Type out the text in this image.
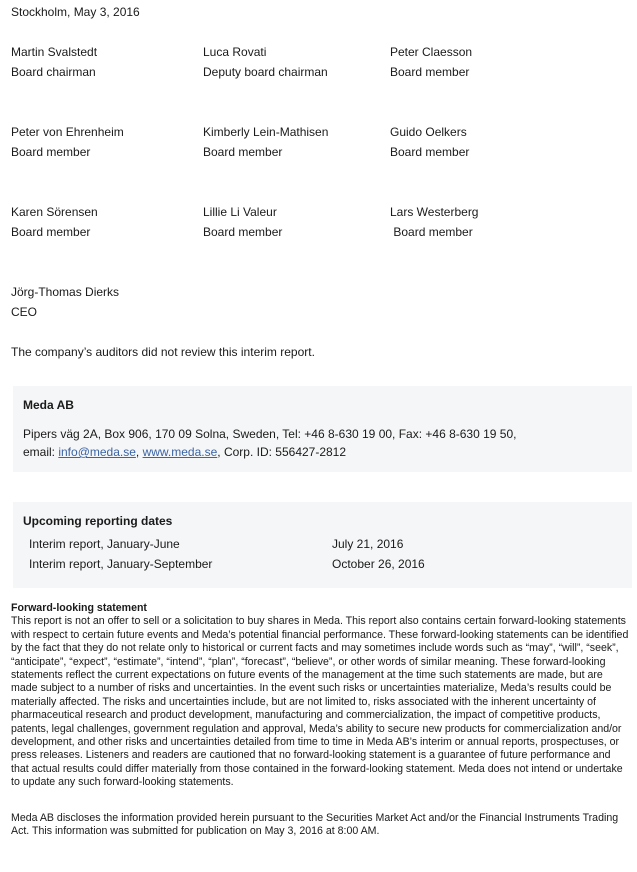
Stockholm, May 3, 2016
Martin Svalstedt
Board chairman
Luca Rovati
Deputy board chairman
Peter Claesson
Board member
Peter von Ehrenheim
Board member
Kimberly Lein-Mathisen
Board member
Guido Oelkers
Board member
Karen Sörensen
Board member
Lillie Li Valeur
Board member
Lars Westerberg
Board member
Jörg-Thomas Dierks
CEO
The company’s auditors did not review this interim report.
Meda AB
Pipers väg 2A, Box 906, 170 09 Solna, Sweden, Tel: +46 8-630 19 00, Fax: +46 8-630 19 50,
email: info@meda.se, www.meda.se, Corp. ID: 556427-2812
Upcoming reporting dates
Interim report, January-June	July 21, 2016
Interim report, January-September	October 26, 2016
Forward-looking statement
This report is not an offer to sell or a solicitation to buy shares in Meda. This report also contains certain forward-looking statements with respect to certain future events and Meda’s potential financial performance. These forward-looking statements can be identified by the fact that they do not relate only to historical or current facts and may sometimes include words such as “may”, “will”, “seek”, “anticipate”, “expect”, “estimate”, “intend”, “plan”, “forecast”, “believe”, or other words of similar meaning. These forward-looking statements reflect the current expectations on future events of the management at the time such statements are made, but are made subject to a number of risks and uncertainties. In the event such risks or uncertainties materialize, Meda’s results could be materially affected. The risks and uncertainties include, but are not limited to, risks associated with the inherent uncertainty of pharmaceutical research and product development, manufacturing and commercialization, the impact of competitive products, patents, legal challenges, government regulation and approval, Meda’s ability to secure new products for commercialization and/or development, and other risks and uncertainties detailed from time to time in Meda AB’s interim or annual reports, prospectuses, or press releases. Listeners and readers are cautioned that no forward-looking statement is a guarantee of future performance and that actual results could differ materially from those contained in the forward-looking statement. Meda does not intend or undertake to update any such forward-looking statements.
Meda AB discloses the information provided herein pursuant to the Securities Market Act and/or the Financial Instruments Trading Act. This information was submitted for publication on May 3, 2016 at 8:00 AM.
